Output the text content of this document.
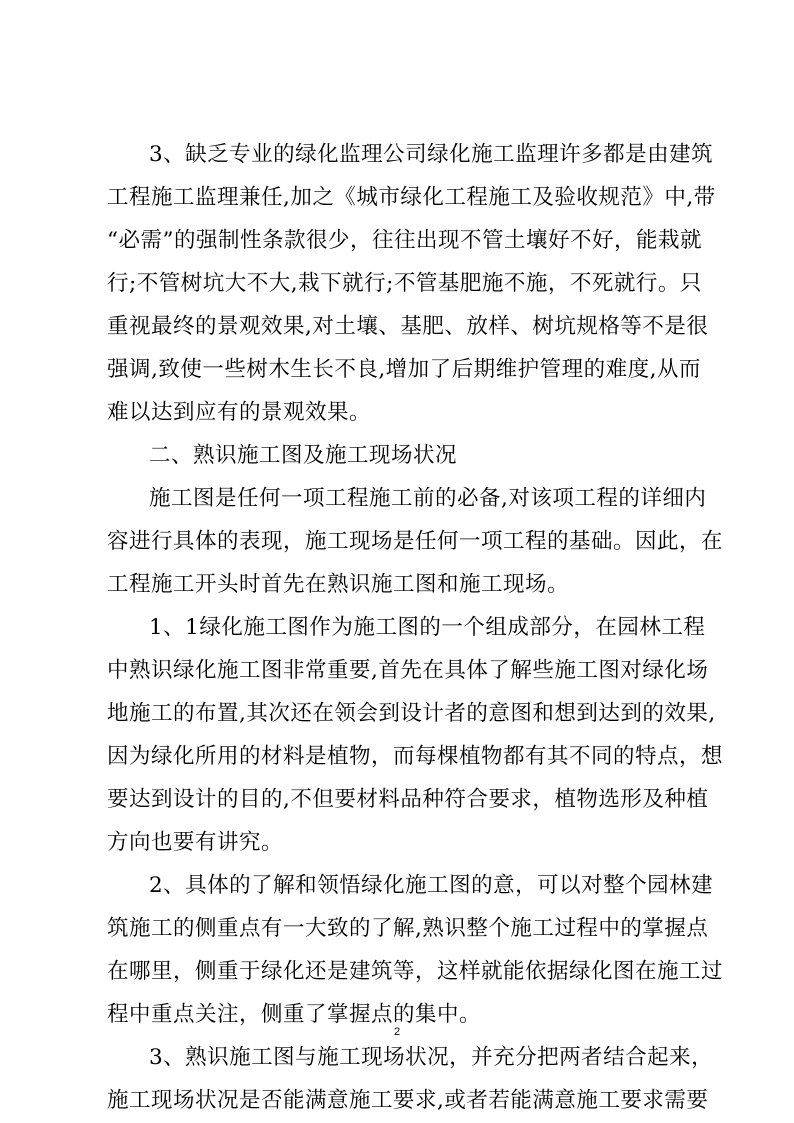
3、缺乏专业的绿化监理公司绿化施工监理许多都是由建筑
工程施工监理兼任,加之《城市绿化工程施工及验收规范》中,带
“必需”的强制性条款很少，往往出现不管土壤好不好，能栽就
行;不管树坑大不大,栽下就行;不管基肥施不施，不死就行。只
重视最终的景观效果,对土壤、基肥、放样、树坑规格等不是很
强调,致使一些树木生长不良,增加了后期维护管理的难度,从而
难以达到应有的景观效果。
二、熟识施工图及施工现场状况
施工图是任何一项工程施工前的必备,对该项工程的详细内
容进行具体的表现，施工现场是任何一项工程的基础。因此，在
工程施工开头时首先在熟识施工图和施工现场。
1、1绿化施工图作为施工图的一个组成部分，在园林工程
中熟识绿化施工图非常重要,首先在具体了解些施工图对绿化场
地施工的布置,其次还在领会到设计者的意图和想到达到的效果,
因为绿化所用的材料是植物，而每棵植物都有其不同的特点，想
要达到设计的目的,不但要材料品种符合要求，植物选形及种植
方向也要有讲究。
2、具体的了解和领悟绿化施工图的意，可以对整个园林建
筑施工的侧重点有一大致的了解,熟识整个施工过程中的掌握点
在哪里，侧重于绿化还是建筑等，这样就能依据绿化图在施工过
程中重点关注，侧重了掌握点的集中。
3、熟识施工图与施工现场状况，并充分把两者结合起来，
施工现场状况是否能满意施工要求,或者若能满意施工要求需要
2
